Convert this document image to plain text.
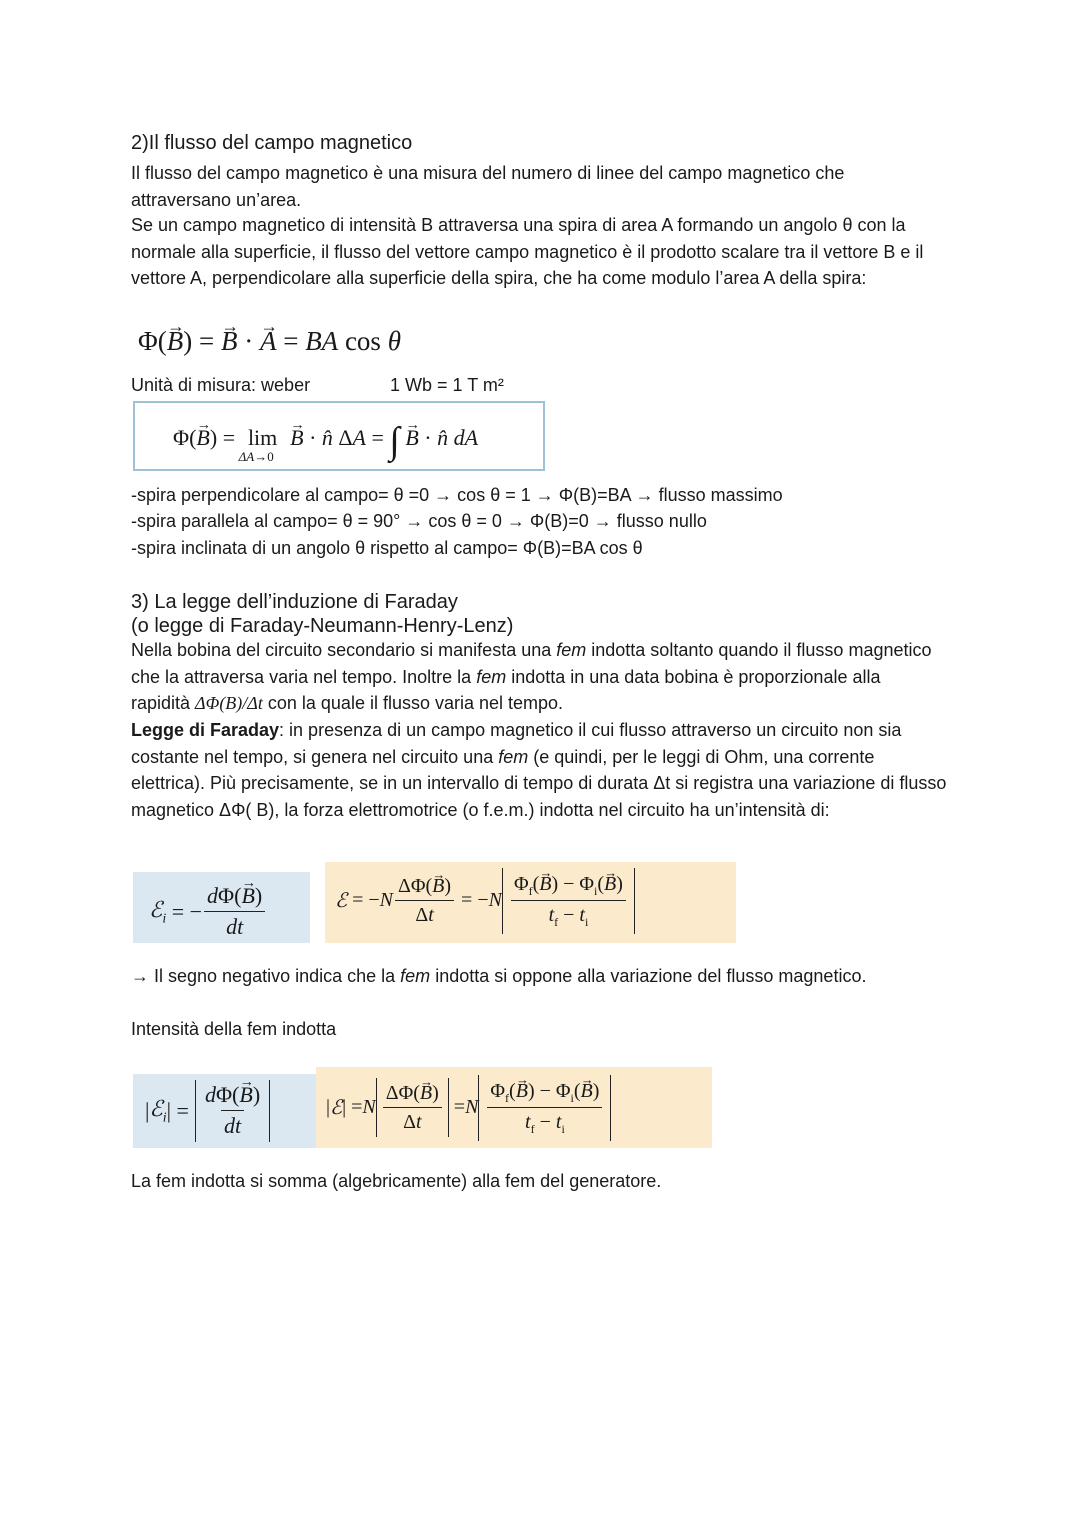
2)Il flusso del campo magnetico

Il flusso del campo magnetico è una misura del numero di linee del campo magnetico che attraversano un’area.

Se un campo magnetico di intensità B attraversa una spira di area A formando un angolo θ con la normale alla superficie, il flusso del vettore campo magnetico è il prodotto scalare tra il vettore B e il vettore A, perpendicolare alla superficie della spira, che ha come modulo l’area A della spira:

Φ(→ B) = → B · → A = BA cos θ
Unità di misura: weber	1 Wb = 1 T m²
Φ(→ B) = lim
ΔA→0
→ B · n̂ ΔA = ∫ → B · n̂ dA
-spira perpendicolare al campo= θ =0 → cos θ = 1 → Φ(B)=BA → flusso massimo
-spira parallela al campo= θ = 90° → cos θ = 0 → Φ(B)=0 → flusso nullo
-spira inclinata di un angolo θ rispetto al campo= Φ(B)=BA cos θ
3) La legge dell’induzione di Faraday
(o legge di Faraday-Neumann-Henry-Lenz)
Nella bobina del circuito secondario si manifesta una fem indotta soltanto quando il flusso magnetico che la attraversa varia nel tempo. Inoltre la fem indotta in una data bobina è proporzionale alla rapidità ΔΦ(B)/Δt con la quale il flusso varia nel tempo.
Legge di Faraday: in presenza di un campo magnetico il cui flusso attraverso un circuito non sia costante nel tempo, si genera nel circuito una fem (e quindi, per le leggi di Ohm, una corrente elettrica). Più precisamente, se in un intervallo di tempo di durata Δt si registra una variazione di flusso magnetico ΔΦ( B), la forza elettromotrice (o f.e.m.) indotta nel circuito ha un’intensità di:
ℰ$_i$ = − $\frac{d\Phi(\to B)}{dt}$	ℰ = − N $\frac{\Delta\Phi(\to B)}{\Delta t}$ = − N $\frac{\Phi_f(\to B) - \Phi_i(\to B)}{t_f - t_i}$
→ Il segno negativo indica che la fem indotta si oppone alla variazione del flusso magnetico.
Intensità della fem indotta
| ℰ$_i$ | = $\frac{d\Phi(\to B)}{dt}$	| ℰ | = N $\frac{\Delta\Phi(\to B)}{\Delta t} = N \frac{\Phi_f(\to B) - \Phi_i(\to B)}{t_f - t_i}$
La fem indotta si somma (algebricamente) alla fem del generatore.
